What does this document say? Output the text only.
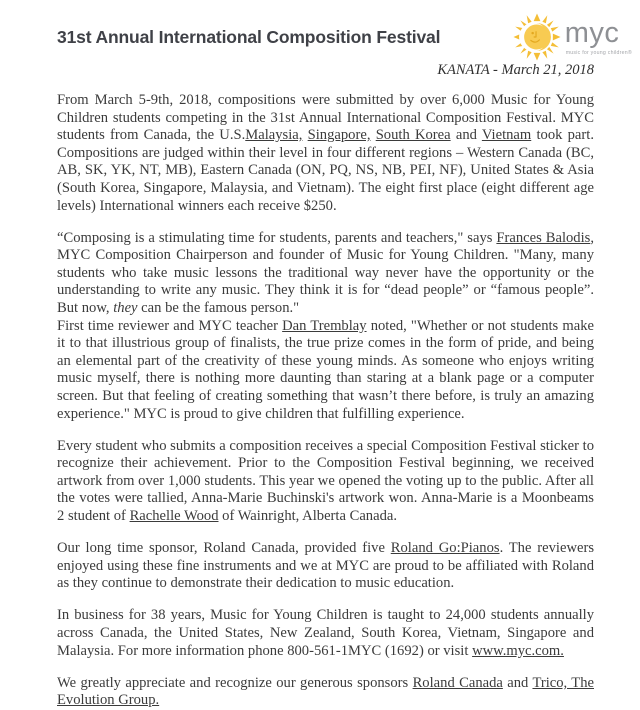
31st Annual International Composition Festival	myc
music for young children®
KANATA - March 21, 2018

From March 5-9th, 2018, compositions were submitted by over 6,000 Music for Young Children students competing in the 31st Annual International Composition Festival. MYC students from Canada, the U.S.Malaysia, Singapore, South Korea and Vietnam took part. Compositions are judged within their level in four different regions – Western Canada (BC, AB, SK, YK, NT, MB), Eastern Canada (ON, PQ, NS, NB, PEI, NF), United States & Asia (South Korea, Singapore, Malaysia, and Vietnam). The eight first place (eight different age levels) International winners each receive $250.

“Composing is a stimulating time for students, parents and teachers," says Frances Balodis, MYC Composition Chairperson and founder of Music for Young Children. "Many, many students who take music lessons the traditional way never have the opportunity or the understanding to write any music. They think it is for “dead people” or “famous people”. But now, they can be the famous person."

First time reviewer and MYC teacher Dan Tremblay noted, "Whether or not students make it to that illustrious group of finalists, the true prize comes in the form of pride, and being an elemental part of the creativity of these young minds. As someone who enjoys writing music myself, there is nothing more daunting than staring at a blank page or a computer screen. But that feeling of creating something that wasn’t there before, is truly an amazing experience." MYC is proud to give children that fulfilling experience.

Every student who submits a composition receives a special Composition Festival sticker to recognize their achievement. Prior to the Composition Festival beginning, we received artwork from over 1,000 students. This year we opened the voting up to the public. After all the votes were tallied, Anna-Marie Buchinski's artwork won. Anna-Marie is a Moonbeams 2 student of Rachelle Wood of Wainright, Alberta Canada.

Our long time sponsor, Roland Canada, provided five Roland Go:Pianos. The reviewers enjoyed using these fine instruments and we at MYC are proud to be affiliated with Roland as they continue to demonstrate their dedication to music education.

In business for 38 years, Music for Young Children is taught to 24,000 students annually across Canada, the United States, New Zealand, South Korea, Vietnam, Singapore and Malaysia. For more information phone 800-561-1MYC (1692) or visit www.myc.com.

We greatly appreciate and recognize our generous sponsors Roland Canada and Trico, The Evolution Group.
